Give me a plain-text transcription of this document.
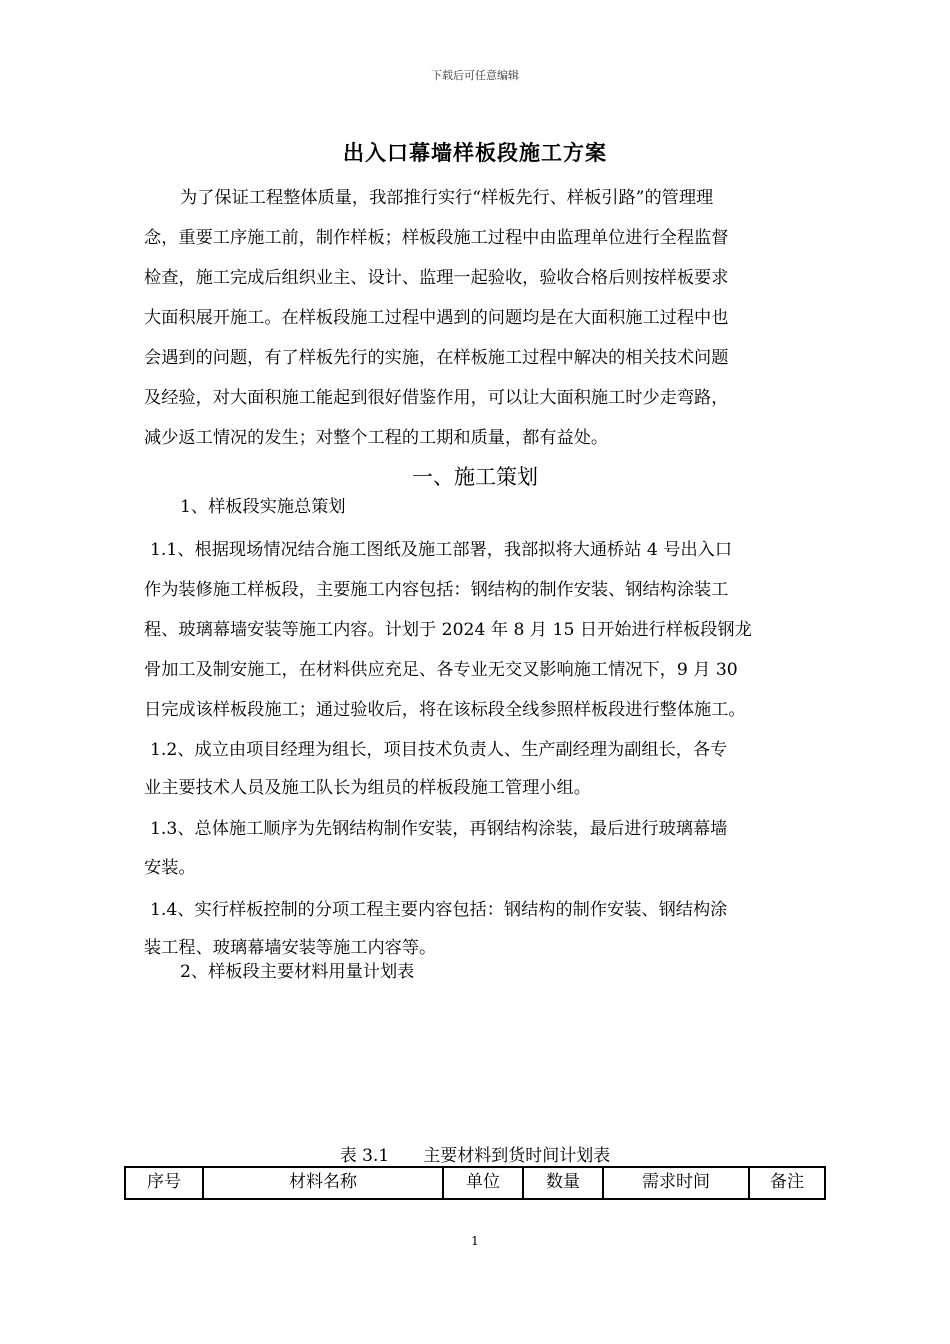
下载后可任意编辑
出入口幕墙样板段施工方案
为了保证工程整体质量，我部推行实行“样板先行、样板引路”的管理理
念，重要工序施工前，制作样板；样板段施工过程中由监理单位进行全程监督
检查，施工完成后组织业主、设计、监理一起验收，验收合格后则按样板要求
大面积展开施工。在样板段施工过程中遇到的问题均是在大面积施工过程中也
会遇到的问题，有了样板先行的实施，在样板施工过程中解决的相关技术问题
及经验，对大面积施工能起到很好借鉴作用，可以让大面积施工时少走弯路，
减少返工情况的发生；对整个工程的工期和质量，都有益处。
一、施工策划
1、样板段实施总策划
1.1、根据现场情况结合施工图纸及施工部署，我部拟将大通桥站 4 号出入口
作为装修施工样板段，主要施工内容包括：钢结构的制作安装、钢结构涂装工
程、玻璃幕墙安装等施工内容。计划于 2024 年 8 月 15 日开始进行样板段钢龙
骨加工及制安施工，在材料供应充足、各专业无交叉影响施工情况下，9 月 30
日完成该样板段施工；通过验收后，将在该标段全线参照样板段进行整体施工。
1.2、成立由项目经理为组长，项目技术负责人、生产副经理为副组长，各专
业主要技术人员及施工队长为组员的样板段施工管理小组。
1.3、总体施工顺序为先钢结构制作安装，再钢结构涂装，最后进行玻璃幕墙
安装。
1.4、实行样板控制的分项工程主要内容包括：钢结构的制作安装、钢结构涂
装工程、玻璃幕墙安装等施工内容等。
2、样板段主要材料用量计划表
表 3.1　　主要材料到货时间计划表
序号	材料名称	单位	数量	需求时间	备注
1
